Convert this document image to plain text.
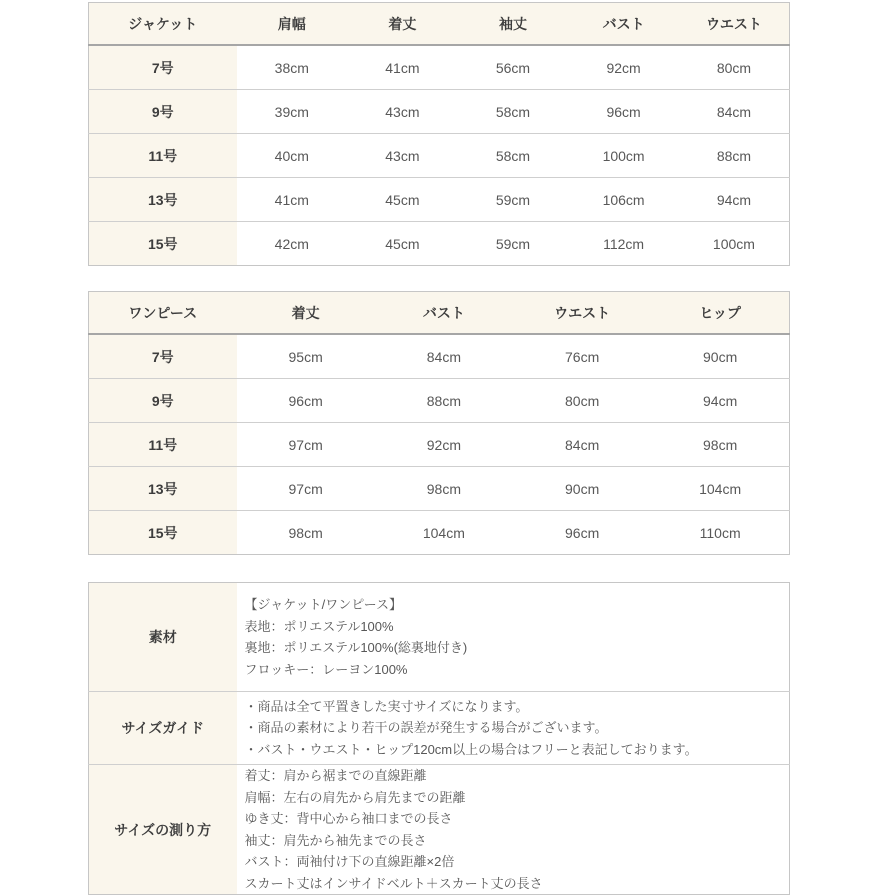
ジャケット	肩幅	着丈	袖丈	バスト	ウエスト
7号	38cm	41cm	56cm	92cm	80cm
9号	39cm	43cm	58cm	96cm	84cm
11号	40cm	43cm	58cm	100cm	88cm
13号	41cm	45cm	59cm	106cm	94cm
15号	42cm	45cm	59cm	112cm	100cm
ワンピース	着丈	バスト	ウエスト	ヒップ
7号	95cm	84cm	76cm	90cm
9号	96cm	88cm	80cm	94cm
11号	97cm	92cm	84cm	98cm
13号	97cm	98cm	90cm	104cm
15号	98cm	104cm	96cm	110cm
素材	【ジャケット/ワンピース】
表地：ポリエステル100%
裏地：ポリエステル100%(総裏地付き)
フロッキー：レーヨン100%

サイズガイド	・商品は全て平置きした実寸サイズになります。
・商品の素材により若干の誤差が発生する場合がございます。
・バスト・ウエスト・ヒップ120cm以上の場合はフリーと表記しております。

サイズの測り方	
着丈：肩から裾までの直線距離
肩幅：左右の肩先から肩先までの距離
ゆき丈：背中心から袖口までの長さ
袖丈：肩先から袖先までの長さ
バスト：両袖付け下の直線距離×2倍
スカート丈はインサイドベルト＋スカート丈の長さ
